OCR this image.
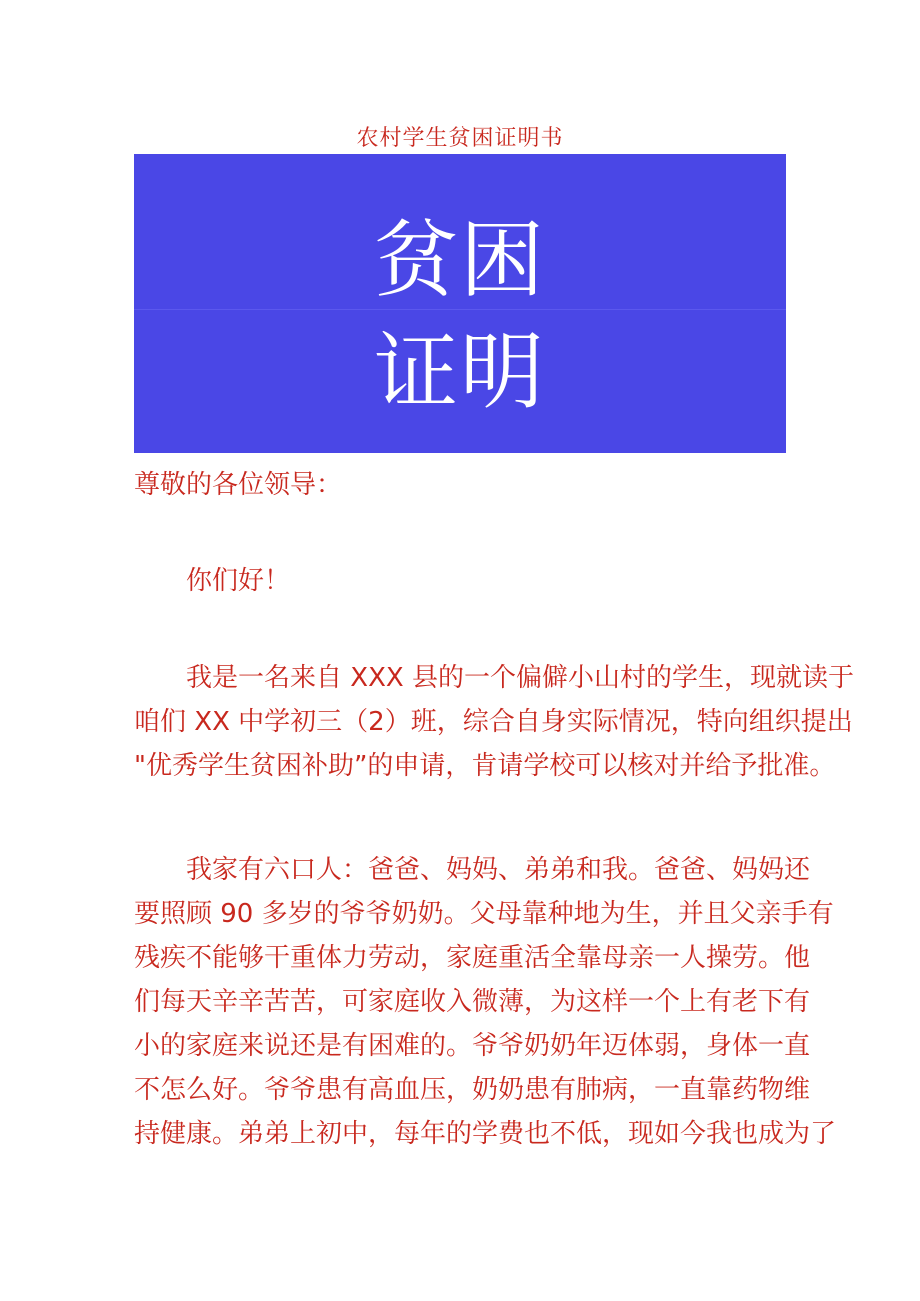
农村学生贫困证明书
贫困
证明
尊敬的各位领导：
你们好！
我是一名来自 XXX 县的一个偏僻小山村的学生，现就读于
咱们 XX 中学初三（2）班，综合自身实际情况，特向组织提出
"优秀学生贫困补助”的申请，肯请学校可以核对并给予批准。
我家有六口人：爸爸、妈妈、弟弟和我。爸爸、妈妈还
要照顾 90 多岁的爷爷奶奶。父母靠种地为生，并且父亲手有
残疾不能够干重体力劳动，家庭重活全靠母亲一人操劳。他
们每天辛辛苦苦，可家庭收入微薄，为这样一个上有老下有
小的家庭来说还是有困难的。爷爷奶奶年迈体弱，身体一直
不怎么好。爷爷患有高血压，奶奶患有肺病，一直靠药物维
持健康。弟弟上初中，每年的学费也不低，现如今我也成为了
